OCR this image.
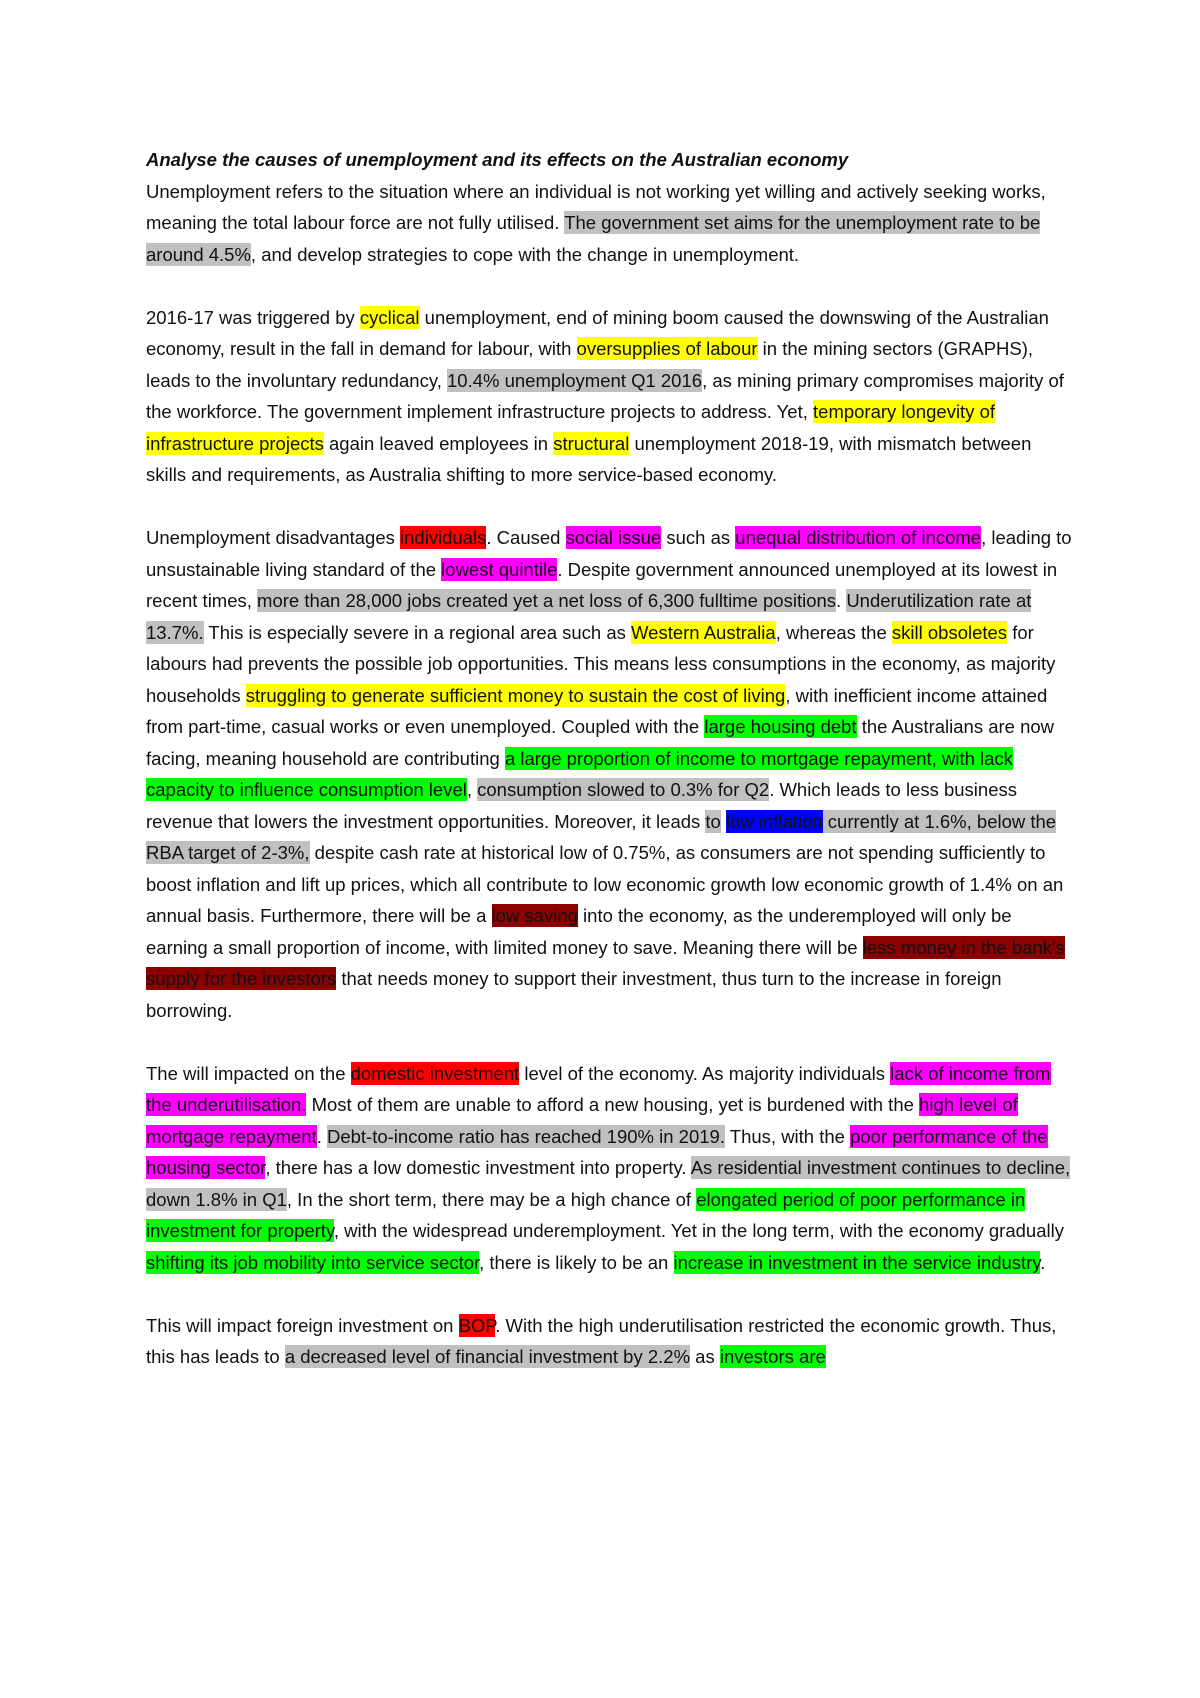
Analyse the causes of unemployment and its effects on the Australian economy

Unemployment refers to the situation where an individual is not working yet willing and actively seeking works, meaning the total labour force are not fully utilised. The government set aims for the unemployment rate to be around 4.5%, and develop strategies to cope with the change in unemployment.

2016-17 was triggered by cyclical unemployment, end of mining boom caused the downswing of the Australian economy, result in the fall in demand for labour, with oversupplies of labour in the mining sectors (GRAPHS), leads to the involuntary redundancy, 10.4% unemployment Q1 2016, as mining primary compromises majority of the workforce. The government implement infrastructure projects to address. Yet, temporary longevity of infrastructure projects again leaved employees in structural unemployment 2018-19, with mismatch between skills and requirements, as Australia shifting to more service-based economy.

Unemployment disadvantages individuals. Caused social issue such as unequal distribution of income, leading to unsustainable living standard of the lowest quintile. Despite government announced unemployed at its lowest in recent times, more than 28,000 jobs created yet a net loss of 6,300 fulltime positions. Underutilization rate at 13.7%. This is especially severe in a regional area such as Western Australia, whereas the skill obsoletes for labours had prevents the possible job opportunities. This means less consumptions in the economy, as majority households struggling to generate sufficient money to sustain the cost of living, with inefficient income attained from part-time, casual works or even unemployed. Coupled with the large housing debt the Australians are now facing, meaning household are contributing a large proportion of income to mortgage repayment, with lack capacity to influence consumption level, consumption slowed to 0.3% for Q2. Which leads to less business revenue that lowers the investment opportunities. Moreover, it leads to low inflation currently at 1.6%, below the RBA target of 2-3%, despite cash rate at historical low of 0.75%, as consumers are not spending sufficiently to boost inflation and lift up prices, which all contribute to low economic growth low economic growth of 1.4% on an annual basis. Furthermore, there will be a low saving into the economy, as the underemployed will only be earning a small proportion of income, with limited money to save. Meaning there will be less money in the bank's supply for the investors that needs money to support their investment, thus turn to the increase in foreign borrowing.

The will impacted on the domestic investment level of the economy. As majority individuals lack of income from the underutilisation. Most of them are unable to afford a new housing, yet is burdened with the high level of mortgage repayment. Debt-to-income ratio has reached 190% in 2019. Thus, with the poor performance of the housing sector, there has a low domestic investment into property. As residential investment continues to decline, down 1.8% in Q1, In the short term, there may be a high chance of elongated period of poor performance in investment for property, with the widespread underemployment. Yet in the long term, with the economy gradually shifting its job mobility into service sector, there is likely to be an increase in investment in the service industry.

This will impact foreign investment on BOP. With the high underutilisation restricted the economic growth. Thus, this has leads to a decreased level of financial investment by 2.2% as investors are
